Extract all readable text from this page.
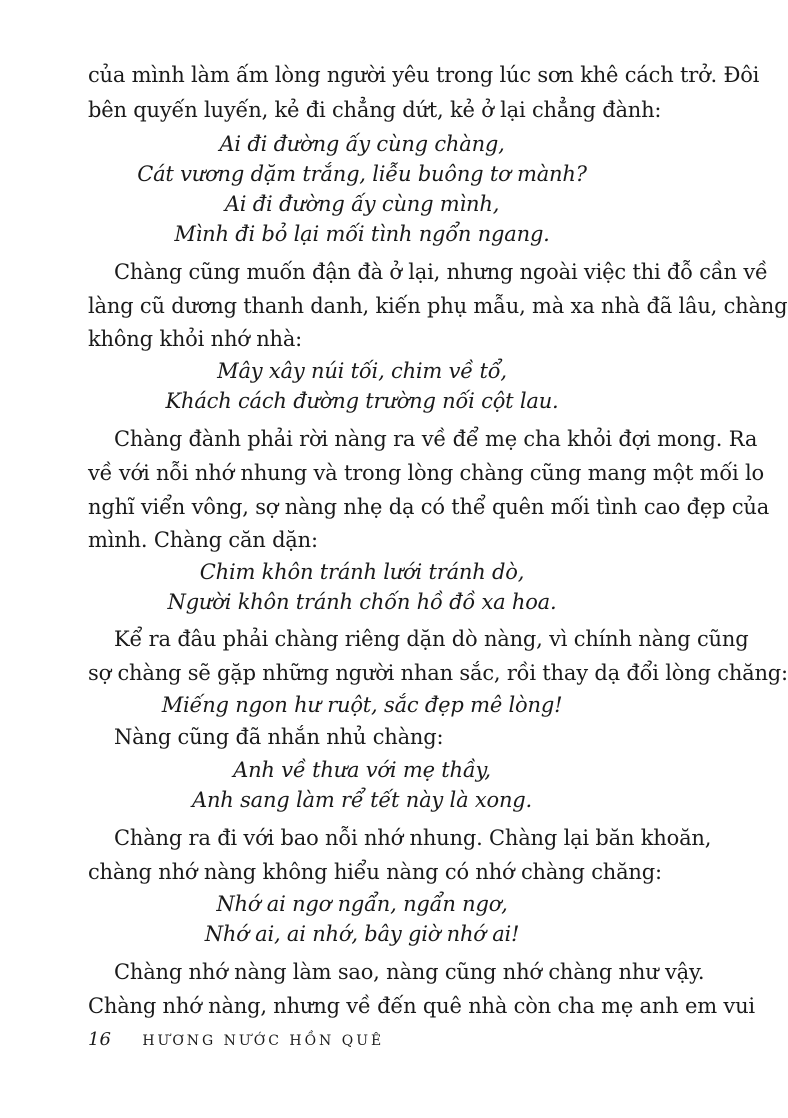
của mình làm ấm lòng người yêu trong lúc sơn khê cách trở. Đôi
bên quyến luyến, kẻ đi chẳng dứt, kẻ ở lại chẳng đành:
Ai đi đường ấy cùng chàng,
Cát vương dặm trắng, liễu buông tơ mành?
Ai đi đường ấy cùng mình,
Mình đi bỏ lại mối tình ngổn ngang.
Chàng cũng muốn đận đà ở lại, nhưng ngoài việc thi đỗ cần về
làng cũ dương thanh danh, kiến phụ mẫu, mà xa nhà đã lâu, chàng
không khỏi nhớ nhà:
Mây xây núi tối, chim về tổ,
Khách cách đường trường nối cột lau.
Chàng đành phải rời nàng ra về để mẹ cha khỏi đợi mong. Ra
về với nỗi nhớ nhung và trong lòng chàng cũng mang một mối lo
nghĩ viển vông, sợ nàng nhẹ dạ có thể quên mối tình cao đẹp của
mình. Chàng căn dặn:
Chim khôn tránh lưới tránh dò,
Người khôn tránh chốn hồ đồ xa hoa.
Kể ra đâu phải chàng riêng dặn dò nàng, vì chính nàng cũng
sợ chàng sẽ gặp những người nhan sắc, rồi thay dạ đổi lòng chăng:
Miếng ngon hư ruột, sắc đẹp mê lòng!
Nàng cũng đã nhắn nhủ chàng:
Anh về thưa với mẹ thầy,
Anh sang làm rể tết này là xong.
Chàng ra đi với bao nỗi nhớ nhung. Chàng lại băn khoăn,
chàng nhớ nàng không hiểu nàng có nhớ chàng chăng:
Nhớ ai ngơ ngẩn, ngẩn ngơ,
Nhớ ai, ai nhớ, bây giờ nhớ ai!
Chàng nhớ nàng làm sao, nàng cũng nhớ chàng như vậy.
Chàng nhớ nàng, nhưng về đến quê nhà còn cha mẹ anh em vui
16 HƯƠNG NƯỚC HỒN QUÊ
